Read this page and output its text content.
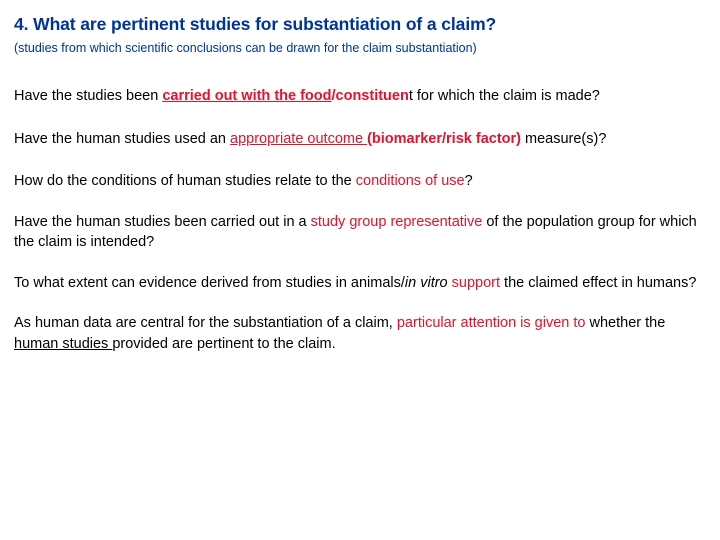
4. What are pertinent studies for substantiation of a claim?
(studies from which scientific conclusions can be drawn for the claim substantiation)

Have the studies been carried out with the food/constituent for which the claim is made?

Have the human studies used an appropriate outcome (biomarker/risk factor) measure(s)?

How do the conditions of human studies relate to the conditions of use?

Have the human studies been carried out in a study group representative of the population group for which the claim is intended?

To what extent can evidence derived from studies in animals/in vitro support the claimed effect in humans?

As human data are central for the substantiation of a claim, particular attention is given to whether the human studies provided are pertinent to the claim.
